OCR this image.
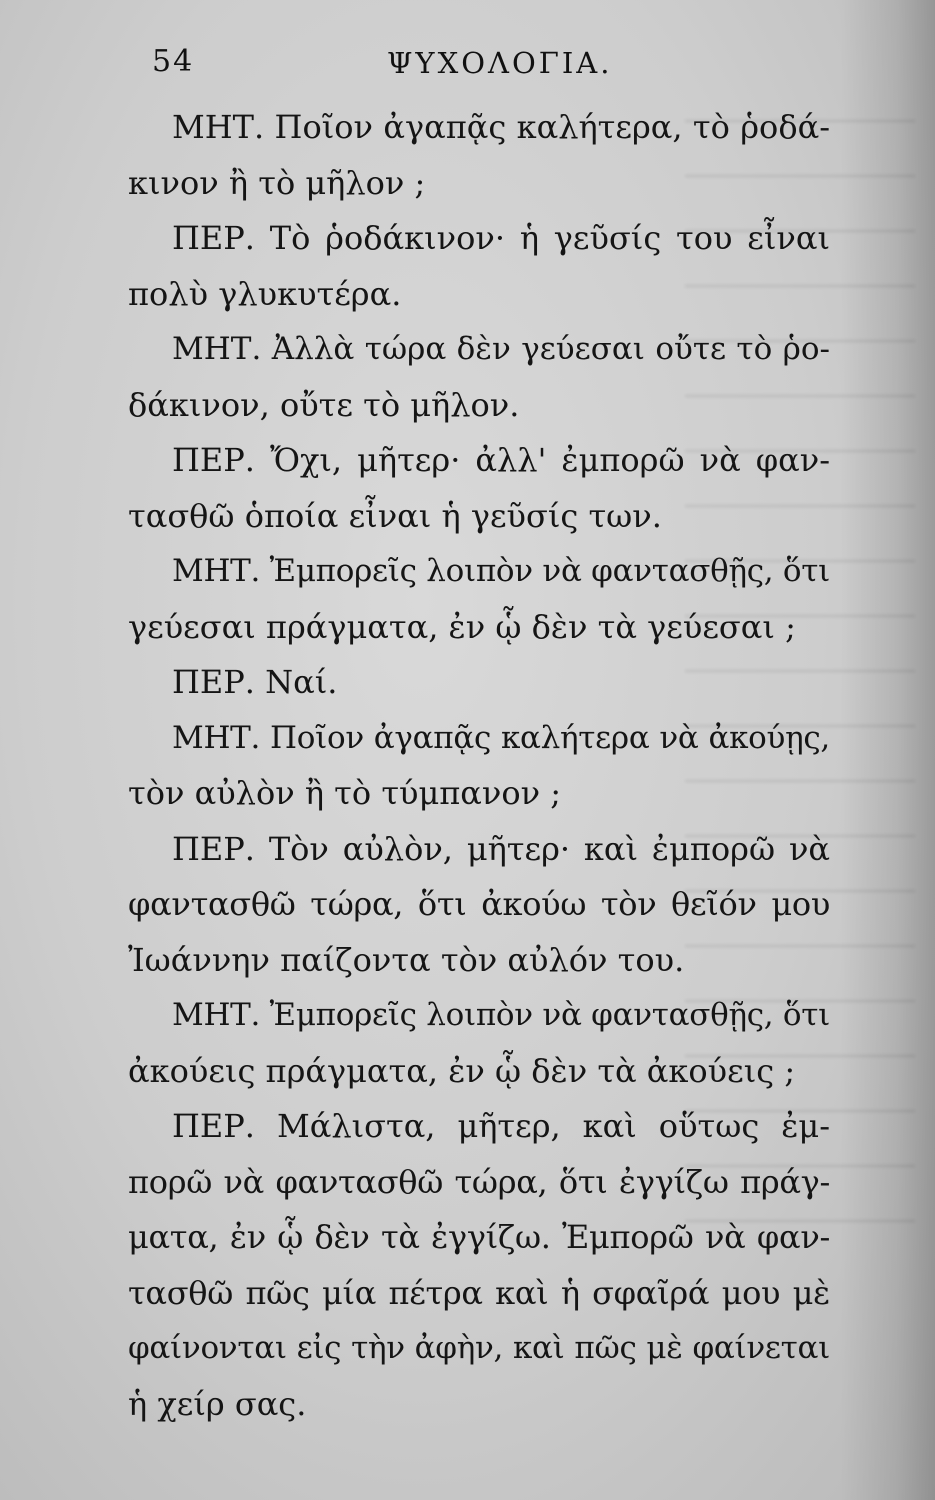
54	ΨΥΧΟΛΟΓΙΑ.
ΜΗΤ. Ποῖον ἀγαπᾷς καλήτερα, τὸ ῥοδά-
κινον ἢ τὸ μῆλον ;
ΠΕΡ. Τὸ ῥοδάκινον· ἡ γεῦσίς του εἶναι
πολὺ γλυκυτέρα.
ΜΗΤ. Ἀλλὰ τώρα δὲν γεύεσαι οὔτε τὸ ῥο-
δάκινον, οὔτε τὸ μῆλον.
ΠΕΡ. Ὄχι, μῆτερ· ἀλλ' ἐμπορῶ νὰ φαν-
τασθῶ ὁποία εἶναι ἡ γεῦσίς των.
ΜΗΤ. Ἐμπορεῖς λοιπὸν νὰ φαντασθῇς, ὅτι
γεύεσαι πράγματα, ἐν ᾧ δὲν τὰ γεύεσαι ;
ΠΕΡ. Ναί.
ΜΗΤ. Ποῖον ἀγαπᾷς καλήτερα νὰ ἀκούῃς,
τὸν αὐλὸν ἢ τὸ τύμπανον ;
ΠΕΡ. Τὸν αὐλὸν, μῆτερ· καὶ ἐμπορῶ νὰ
φαντασθῶ τώρα, ὅτι ἀκούω τὸν θεῖόν μου
Ἰωάννην παίζοντα τὸν αὐλόν του.
ΜΗΤ. Ἐμπορεῖς λοιπὸν νὰ φαντασθῇς, ὅτι
ἀκούεις πράγματα, ἐν ᾧ δὲν τὰ ἀκούεις ;
ΠΕΡ. Μάλιστα, μῆτερ, καὶ οὕτως ἐμ-
πορῶ νὰ φαντασθῶ τώρα, ὅτι ἐγγίζω πράγ-
ματα, ἐν ᾧ δὲν τὰ ἐγγίζω. Ἐμπορῶ νὰ φαν-
τασθῶ πῶς μία πέτρα καὶ ἡ σφαῖρά μου μὲ
φαίνονται εἰς τὴν ἀφὴν, καὶ πῶς μὲ φαίνεται
ἡ χείρ σας.
